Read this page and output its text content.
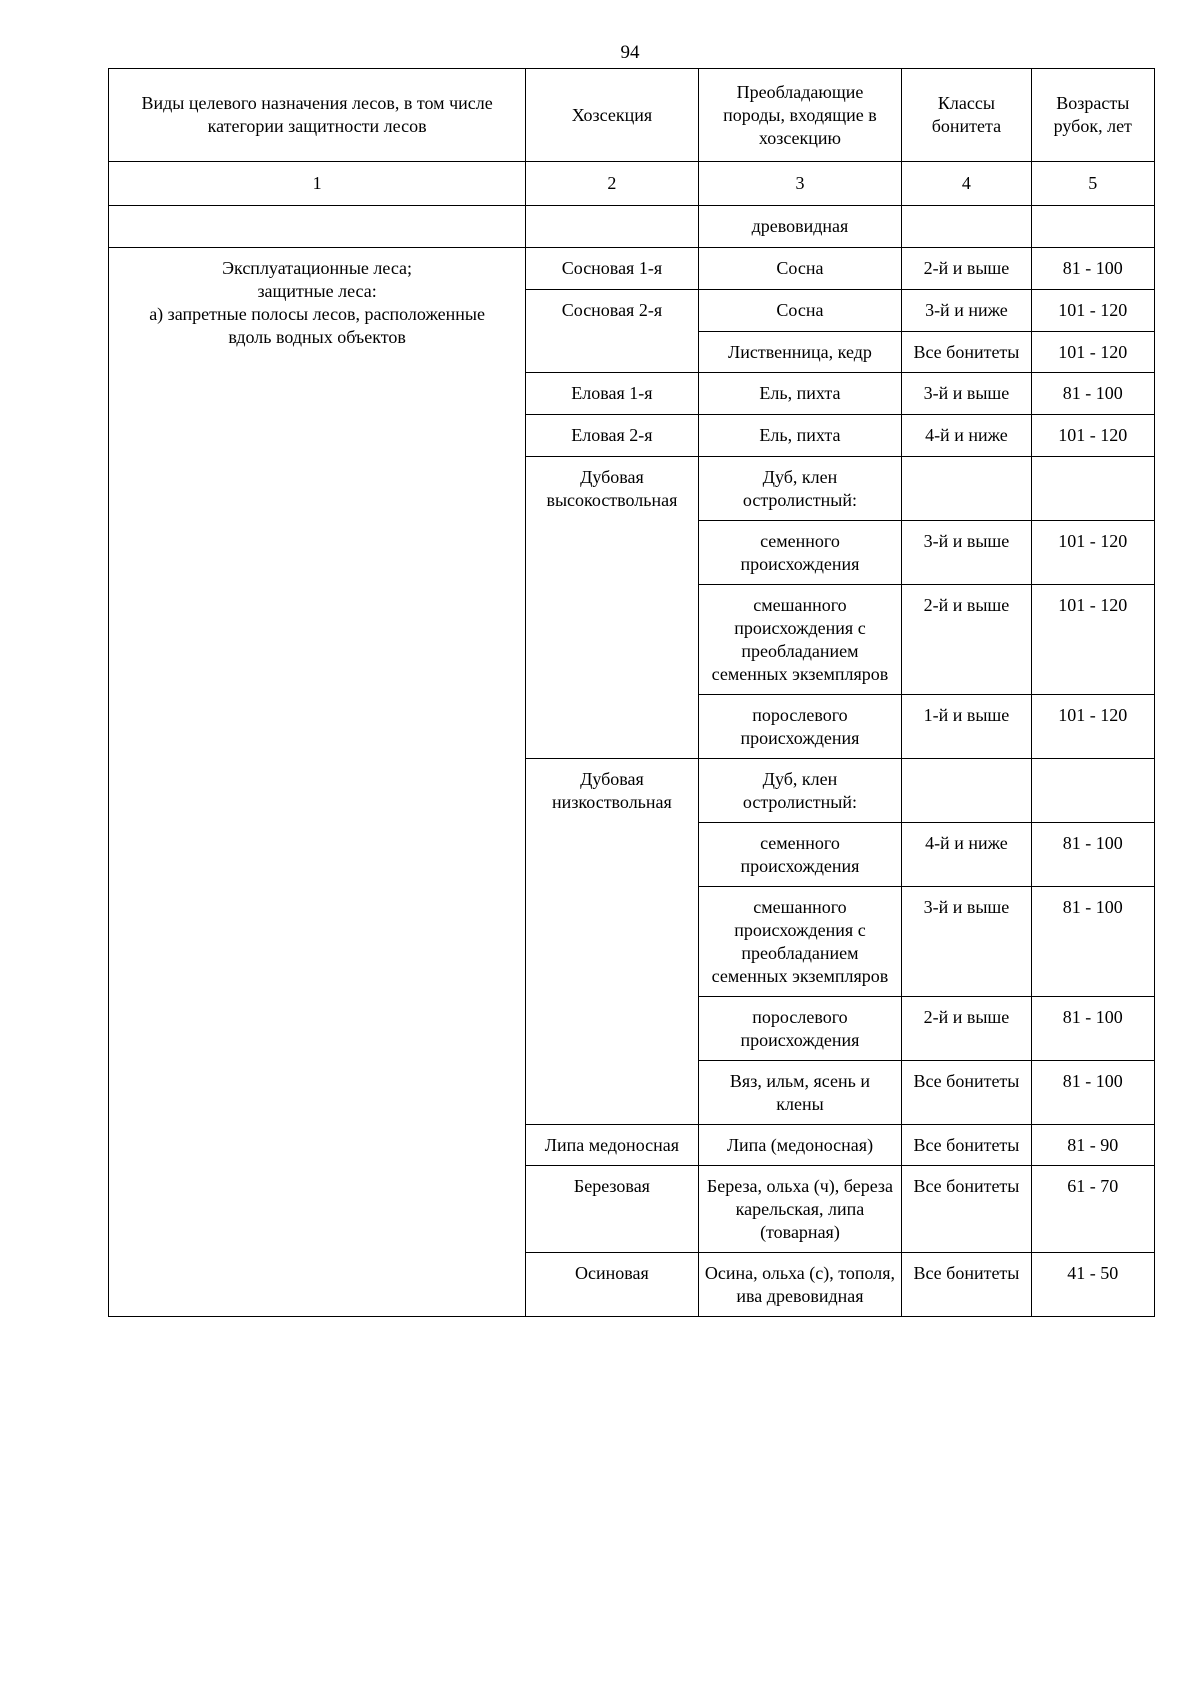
94
Виды целевого назначения лесов, в том числе категории защитности лесов	Хозсекция	Преобладающие породы, входящие в хозсекцию	Классы бонитета	Возрасты рубок, лет
1	2	3	4	5
		древовидная		

Эксплуатационные леса;
защитные леса:
а) запретные полосы лесов, расположенные
вдоль водных объектов	Сосновая 1-я	Сосна	2-й и выше	81 - 100
	Сосновая 2-я	Сосна	3-й и ниже	101 - 120
		Лиственница, кедр	Все бонитеты	101 - 120
	Еловая 1-я	Ель, пихта	3-й и выше	81 - 100
	Еловая 2-я	Ель, пихта	4-й и ниже	101 - 120
	Дубовая высокоствольная	Дуб, клен остролистный:		
		семенного происхождения	3-й и выше	101 - 120
		смешанного происхождения с преобладанием семенных экземпляров	2-й и выше	101 - 120
		порослевого происхождения	1-й и выше	101 - 120
	Дубовая низкоствольная	Дуб, клен остролистный:		
		семенного происхождения	4-й и ниже	81 - 100
		смешанного происхождения с преобладанием семенных экземпляров	3-й и выше	81 - 100
		порослевого происхождения	2-й и выше	81 - 100
		Вяз, ильм, ясень и клены	Все бонитеты	81 - 100
	Липа медоносная	Липа (медоносная)	Все бонитеты	81 - 90
	Березовая	Береза, ольха (ч), береза карельская, липа (товарная)	Все бонитеты	61 - 70
	Осиновая	Осина, ольха (с), тополя, ива древовидная	Все бонитеты	41 - 50
